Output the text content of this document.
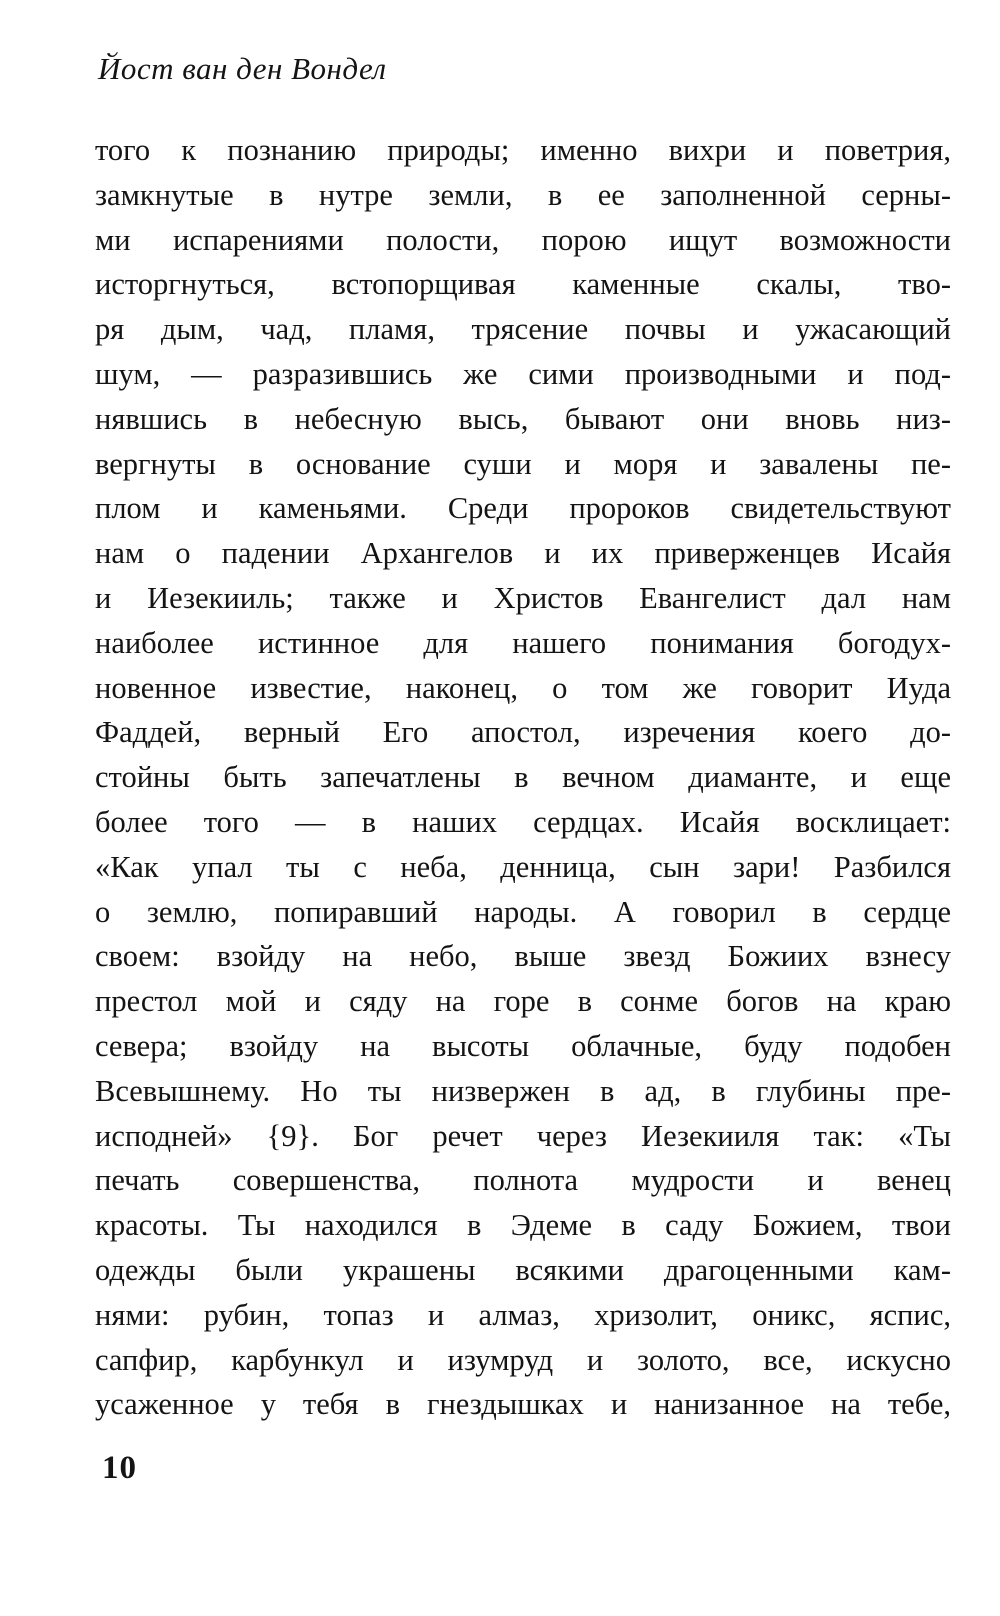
Йост ван ден Вондел
того к познанию природы; именно вихри и поветрия,
замкнутые в нутре земли, в ее заполненной серны-
ми испарениями полости, порою ищут возможности
исторгнуться, встопорщивая каменные скалы, тво-
ря дым, чад, пламя, трясение почвы и ужасающий
шум, — разразившись же сими производными и под-
нявшись в небесную высь, бывают они вновь низ-
вергнуты в основание суши и моря и завалены пе-
плом и каменьями. Среди пророков свидетельствуют
нам о падении Архангелов и их приверженцев Исайя
и Иезекииль; также и Христов Евангелист дал нам
наиболее истинное для нашего понимания богодух-
новенное известие, наконец, о том же говорит Иуда
Фаддей, верный Его апостол, изречения коего до-
стойны быть запечатлены в вечном диаманте, и еще
более того — в наших сердцах. Исайя восклицает:
«Как упал ты с неба, денница, сын зари! Разбился
о землю, попиравший народы. А говорил в сердце
своем: взойду на небо, выше звезд Божиих взнесу
престол мой и сяду на горе в сонме богов на краю
севера; взойду на высоты облачные, буду подобен
Всевышнему. Но ты низвержен в ад, в глубины пре-
исподней» {9}. Бог речет через Иезекииля так: «Ты
печать совершенства, полнота мудрости и венец
красоты. Ты находился в Эдеме в саду Божием, твои
одежды были украшены всякими драгоценными кам-
нями: рубин, топаз и алмаз, хризолит, оникс, яспис,
сапфир, карбункул и изумруд и золото, все, искусно
усаженное у тебя в гнездышках и нанизанное на тебе,
10
